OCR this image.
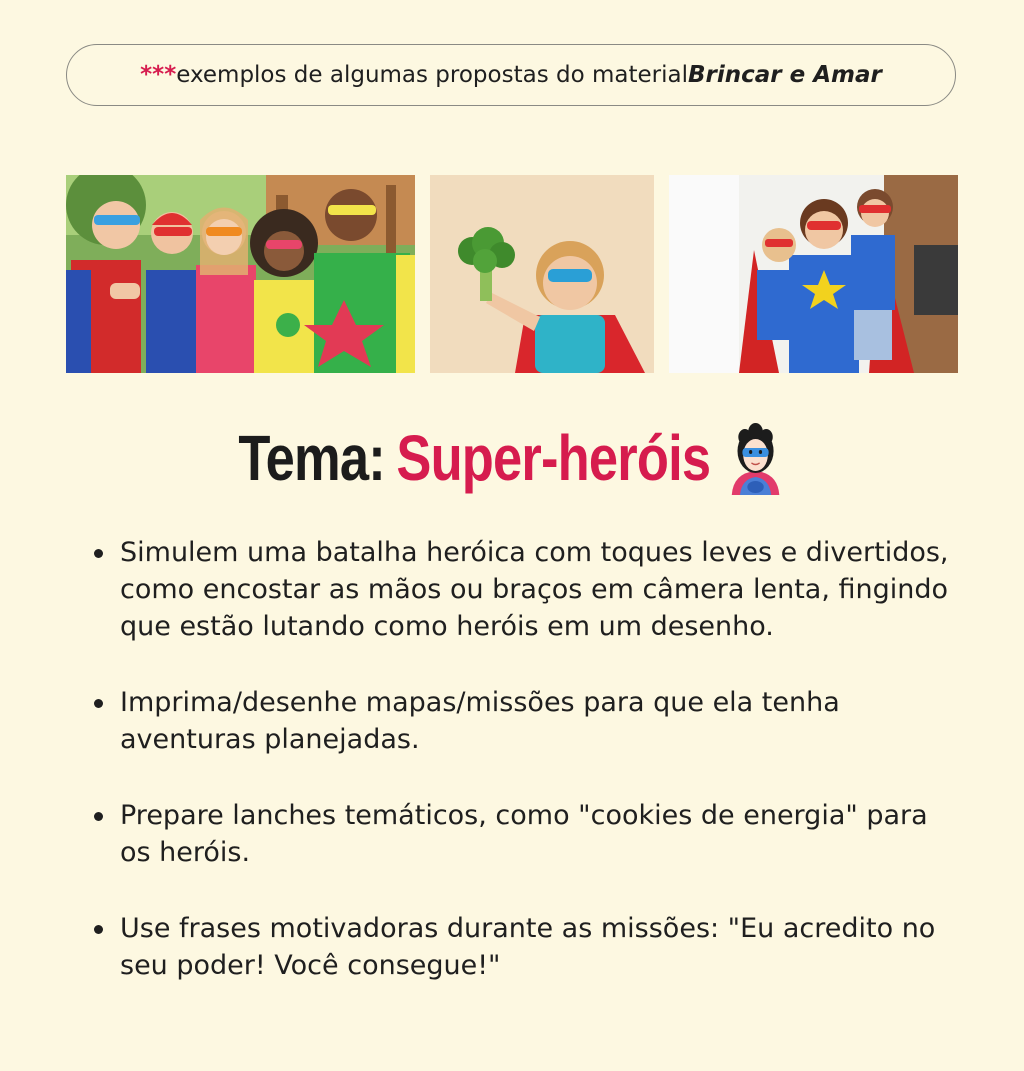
*** exemplos de algumas propostas do material Brincar e Amar
Tema: Super-heróis
Simulem uma batalha heróica com toques leves e divertidos, como encostar as mãos ou braços em câmera lenta, fingindo que estão lutando como heróis em um desenho.
Imprima/desenhe mapas/missões para que ela tenha aventuras planejadas.
Prepare lanches temáticos, como "cookies de energia" para os heróis.
Use frases motivadoras durante as missões: "Eu acredito no seu poder! Você consegue!"
